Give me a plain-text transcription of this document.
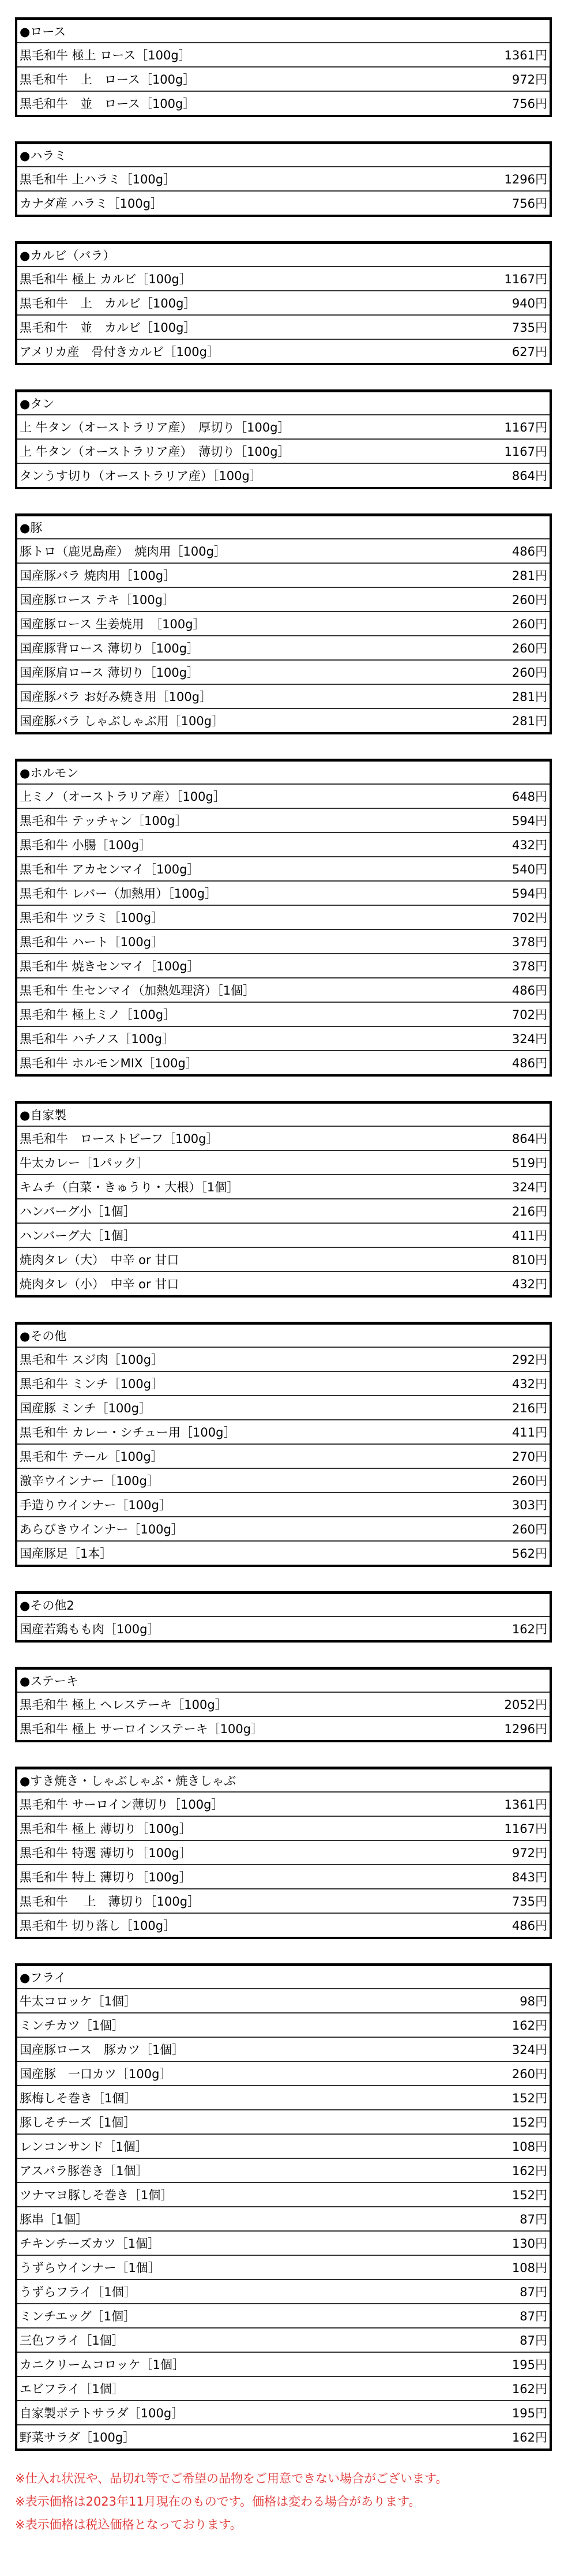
●ロース
黒毛和牛 極上 ロース［100g］	1361円
黒毛和牛　上　ロース［100g］	972円
黒毛和牛　並　ロース［100g］	756円
●ハラミ
黒毛和牛 上ハラミ［100g］	1296円
カナダ産 ハラミ［100g］	756円
●カルビ（バラ）
黒毛和牛 極上 カルビ［100g］	1167円
黒毛和牛　上　カルビ［100g］	940円
黒毛和牛　並　カルビ［100g］	735円
アメリカ産　骨付きカルビ［100g］	627円
●タン
上 牛タン（オーストラリア産）　厚切り［100g］	1167円
上 牛タン（オーストラリア産）　薄切り［100g］	1167円
タンうす切り（オーストラリア産）［100g］	864円
●豚
豚トロ（鹿児島産）　焼肉用［100g］	486円
国産豚バラ 焼肉用［100g］	281円
国産豚ロース テキ［100g］	260円
国産豚ロース 生姜焼用　［100g］	260円
国産豚背ロース 薄切り［100g］	260円
国産豚肩ロース 薄切り［100g］	260円
国産豚バラ お好み焼き用［100g］	281円
国産豚バラ しゃぶしゃぶ用［100g］	281円
●ホルモン
上ミノ（オーストラリア産）［100g］	648円
黒毛和牛 テッチャン［100g］	594円
黒毛和牛 小腸［100g］	432円
黒毛和牛 アカセンマイ［100g］	540円
黒毛和牛 レバー（加熱用）［100g］	594円
黒毛和牛 ツラミ［100g］	702円
黒毛和牛 ハート［100g］	378円
黒毛和牛 焼きセンマイ［100g］	378円
黒毛和牛 生センマイ（加熱処理済）［1個］	486円
黒毛和牛 極上ミノ［100g］	702円
黒毛和牛 ハチノス［100g］	324円
黒毛和牛 ホルモンMIX［100g］	486円
●自家製
黒毛和牛　ローストビーフ［100g］	864円
牛太カレー［1パック］	519円
キムチ（白菜・きゅうり・大根）［1個］	324円
ハンバーグ小［1個］	216円
ハンバーグ大［1個］	411円
焼肉タレ（大）　中辛 or 甘口	810円
焼肉タレ（小）　中辛 or 甘口	432円
●その他
黒毛和牛 スジ肉［100g］	292円
黒毛和牛 ミンチ［100g］	432円
国産豚 ミンチ［100g］	216円
黒毛和牛 カレー・シチュー用［100g］	411円
黒毛和牛 テール［100g］	270円
激辛ウインナー［100g］	260円
手造りウインナー［100g］	303円
あらびきウインナー［100g］	260円
国産豚足［1本］	562円
●その他2
国産若鶏もも肉［100g］	162円
●ステーキ
黒毛和牛 極上 ヘレステーキ［100g］	2052円
黒毛和牛 極上 サーロインステーキ［100g］	1296円
●すき焼き・しゃぶしゃぶ・焼きしゃぶ
黒毛和牛 サーロイン薄切り［100g］	1361円
黒毛和牛 極上 薄切り［100g］	1167円
黒毛和牛 特選 薄切り［100g］	972円
黒毛和牛 特上 薄切り［100g］	843円
黒毛和牛　 上　薄切り［100g］	735円
黒毛和牛 切り落し［100g］	486円
●フライ
牛太コロッケ［1個］	98円
ミンチカツ［1個］	162円
国産豚ロース　豚カツ［1個］	324円
国産豚　一口カツ［100g］	260円
豚梅しそ巻き［1個］	152円
豚しそチーズ［1個］	152円
レンコンサンド［1個］	108円
アスパラ豚巻き［1個］	162円
ツナマヨ豚しそ巻き［1個］	152円
豚串［1個］	87円
チキンチーズカツ［1個］	130円
うずらウインナー［1個］	108円
うずらフライ［1個］	87円
ミンチエッグ［1個］	87円
三色フライ［1個］	87円
カニクリームコロッケ［1個］	195円
エビフライ［1個］	162円
自家製ポテトサラダ［100g］	195円
野菜サラダ［100g］	162円
※仕入れ状況や、品切れ等でご希望の品物をご用意できない場合がございます。
※表示価格は2023年11月現在のものです。価格は変わる場合があります。
※表示価格は税込価格となっております。
